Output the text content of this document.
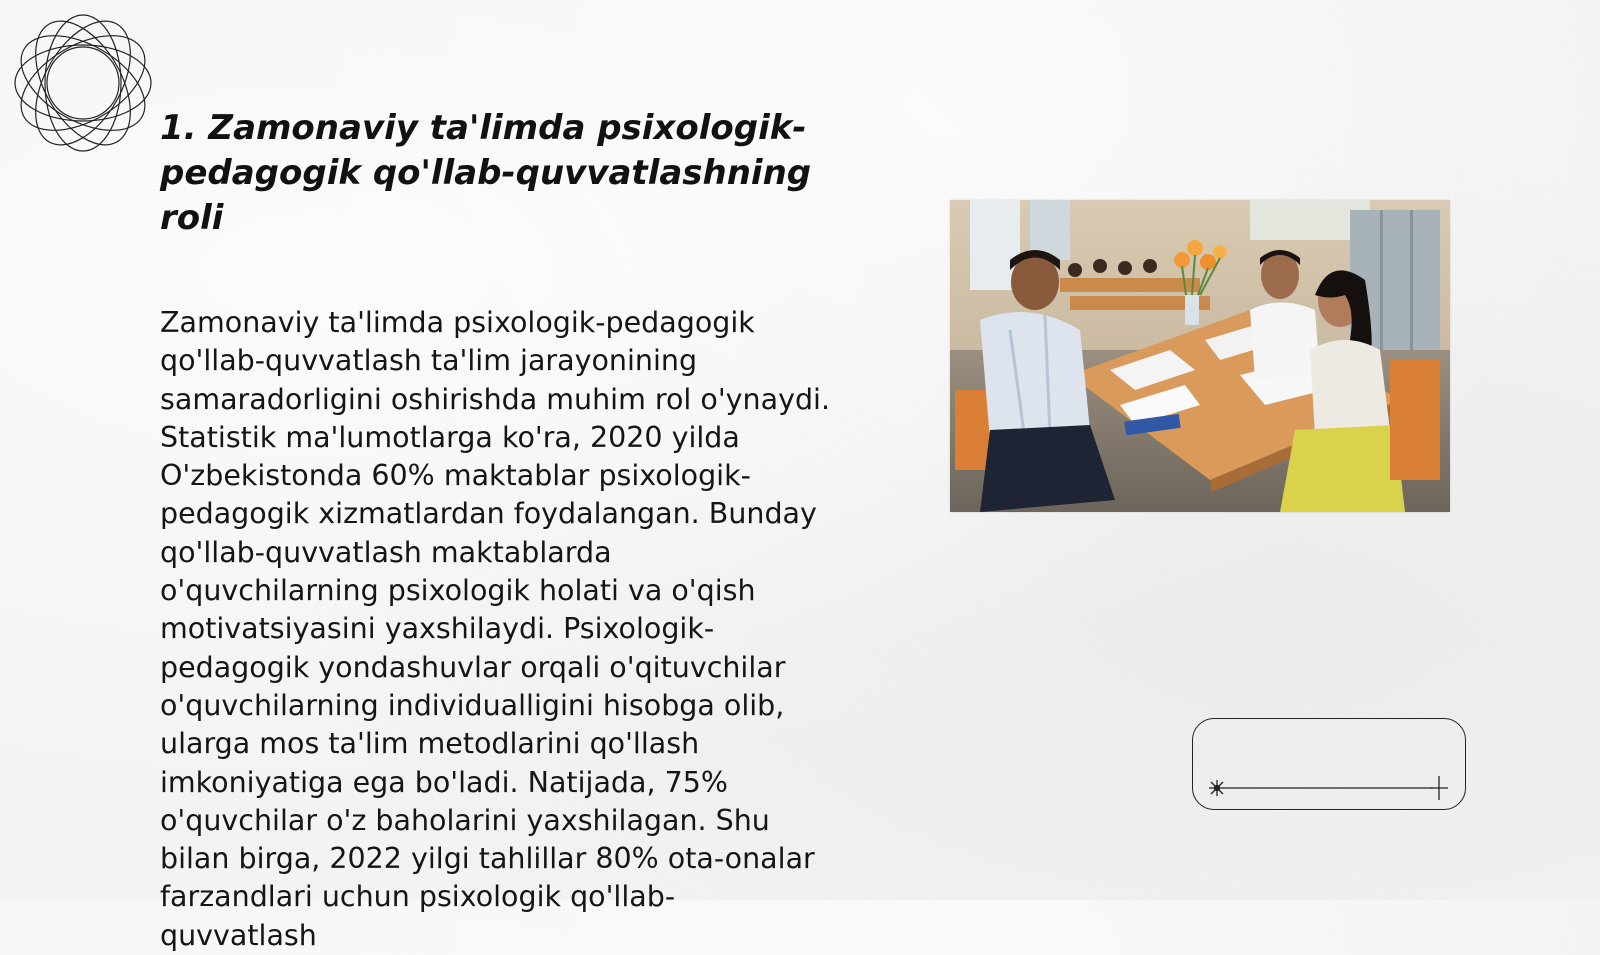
1. Zamonaviy ta'limda psixologik-pedagogik qo'llab-quvvatlashning roli

Zamonaviy ta'limda psixologik-pedagogik qo'llab-quvvatlash ta'lim jarayonining samaradorligini oshirishda muhim rol o'ynaydi. Statistik ma'lumotlarga ko'ra, 2020 yilda O'zbekistonda 60% maktablar psixologik-pedagogik xizmatlardan foydalangan. Bunday qo'llab-quvvatlash maktablarda o'quvchilarning psixologik holati va o'qish motivatsiyasini yaxshilaydi. Psixologik-pedagogik yondashuvlar orqali o'qituvchilar o'quvchilarning individualligini hisobga olib, ularga mos ta'lim metodlarini qo'llash imkoniyatiga ega bo'ladi. Natijada, 75% o'quvchilar o'z baholarini yaxshilagan. Shu bilan birga, 2022 yilgi tahlillar 80% ota-onalar farzandlari uchun psixologik qo'llab-quvvatlash
